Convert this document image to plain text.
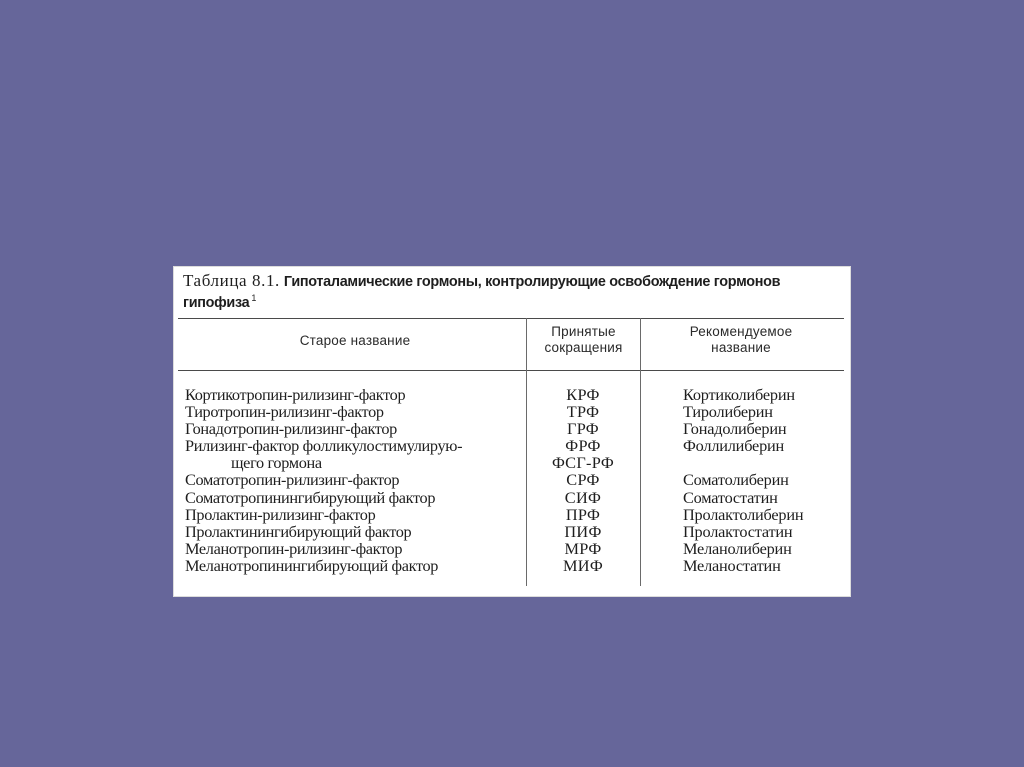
Таблица 8.1. Гипоталамические гормоны, контролирующие освобождение гормонов гипофиза $^1$
Старое название
Принятые
сокращения
Рекомендуемое
название
Кортикотропин-рилизинг-фактор
Тиротропин-рилизинг-фактор
Гонадотропин-рилизинг-фактор
Рилизинг-фактор фолликулостимулирую-
щего гормона
Соматотропин-рилизинг-фактор
Соматотропинингибирующий фактор
Пролактин-рилизинг-фактор
Пролактинингибирующий фактор
Меланотропин-рилизинг-фактор
Меланотропинингибирующий фактор
КРФ
ТРФ
ГРФ
ФРФ
ФСГ-РФ
СРФ
СИФ
ПРФ
ПИФ
МРФ
МИФ
Кортиколиберин
Тиролиберин
Гонадолиберин
Фоллилиберин
Соматолиберин
Соматостатин
Пролактолиберин
Пролактостатин
Меланолиберин
Меланостатин
